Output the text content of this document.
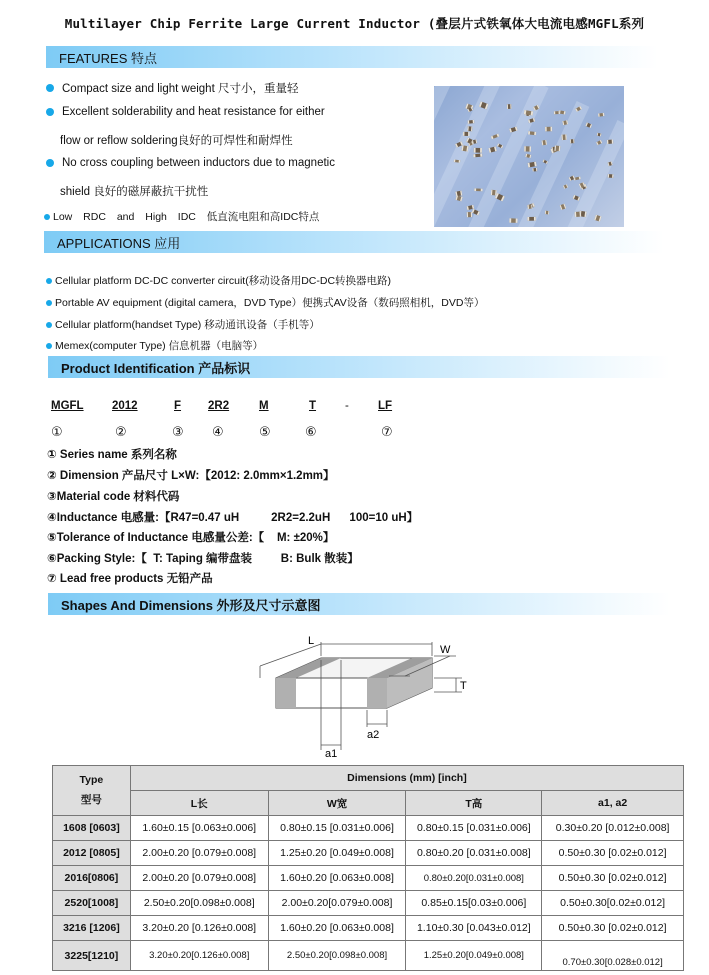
Multilayer Chip Ferrite Large Current Inductor (叠层片式铁氧体大电流电感MGFL系列
FEATURES 特点
Compact size and light weight 尺寸小，重量轻
Excellent solderability and heat resistance for either
flow or reflow soldering良好的可焊性和耐焊性
No cross coupling between inductors due to magnetic
shield 良好的磁屏蔽抗干扰性
Low RDC and High IDC 低直流电阻和高IDC特点
APPLICATIONS 应用
Cellular platform DC-DC converter circuit(移动设备用DC-DC转换器电路)
Portable AV equipment (digital camera，DVD Type）便携式AV设备（数码照相机，DVD等）
Cellular platform(handset Type) 移动通讯设备（手机等）
Memex(computer Type) 信息机器（电脑等）
Product Identification 产品标识
MGFL 2012	F 2R2	M	T	-	LF
①	②	③ ④	⑤	⑥	⑦
① Series name 系列名称
② Dimension 产品尺寸 L×W:【2012: 2.0mm×1.2mm】
③Material code 材料代码
④Inductance 电感量:【R47=0.47 uH          2R2=2.2uH      100=10 uH】
⑤Tolerance of Inductance 电感量公差:【    M: ±20%】
⑥Packing Style:【  T: Taping 编带盘装         B: Bulk 散装】
⑦ Lead free products 无铅产品
Shapes And Dimensions 外形及尺寸示意图
L
W
T
a2
a1
Type
型号	Dimensions (mm) [inch]			
	L长	W宽	T高	a1, a2
1608 [0603]	1.60±0.15 [0.063±0.006]	0.80±0.15 [0.031±0.006]	0.80±0.15 [0.031±0.006]	0.30±0.20 [0.012±0.008]
2012 [0805]	2.00±0.20 [0.079±0.008]	1.25±0.20 [0.049±0.008]	0.80±0.20 [0.031±0.008]	0.50±0.30 [0.02±0.012]
2016[0806]	2.00±0.20 [0.079±0.008]	1.60±0.20 [0.063±0.008]	0.80±0.20[0.031±0.008]	0.50±0.30 [0.02±0.012]
2520[1008]	2.50±0.20[0.098±0.008]	2.00±0.20[0.079±0.008]	0.85±0.15[0.03±0.006]	0.50±0.30[0.02±0.012]
3216 [1206]	3.20±0.20 [0.126±0.008]	1.60±0.20 [0.063±0.008]	1.10±0.30 [0.043±0.012]	0.50±0.30 [0.02±0.012]
3225[1210]	3.20±0.20[0.126±0.008]	2.50±0.20[0.098±0.008]	1.25±0.20[0.049±0.008]	0.70±0.30[0.028±0.012]
